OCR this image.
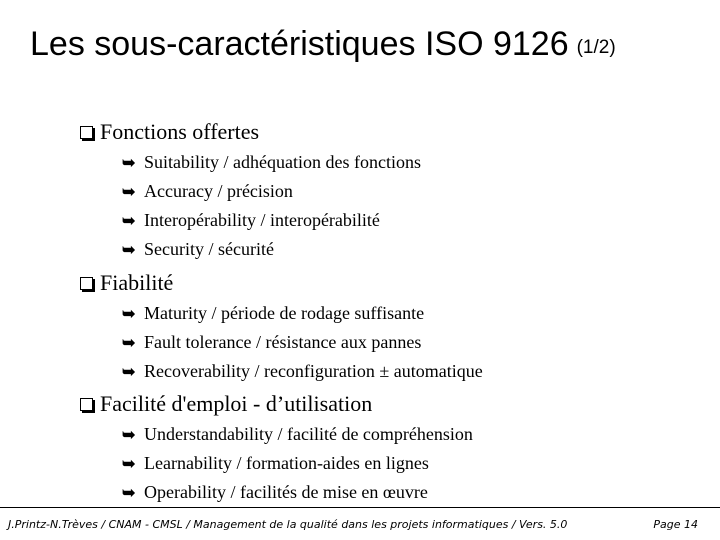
Les sous-caractéristiques ISO 9126 (1/2)
Fonctions offertes
➥ Suitability / adhéquation des fonctions
➥ Accuracy / précision
➥ Interopérability / interopérabilité
➥ Security / sécurité
Fiabilité
➥ Maturity / période de rodage suffisante
➥ Fault tolerance / résistance aux pannes
➥ Recoverability / reconfiguration ± automatique
Facilité d'emploi - d’utilisation
➥ Understandability / facilité de compréhension
➥ Learnability / formation-aides en lignes
➥ Operability / facilités de mise en œuvre
J.Printz-N.Trèves / CNAM - CMSL / Management de la qualité dans les projets informatiques / Vers. 5.0	Page 14
